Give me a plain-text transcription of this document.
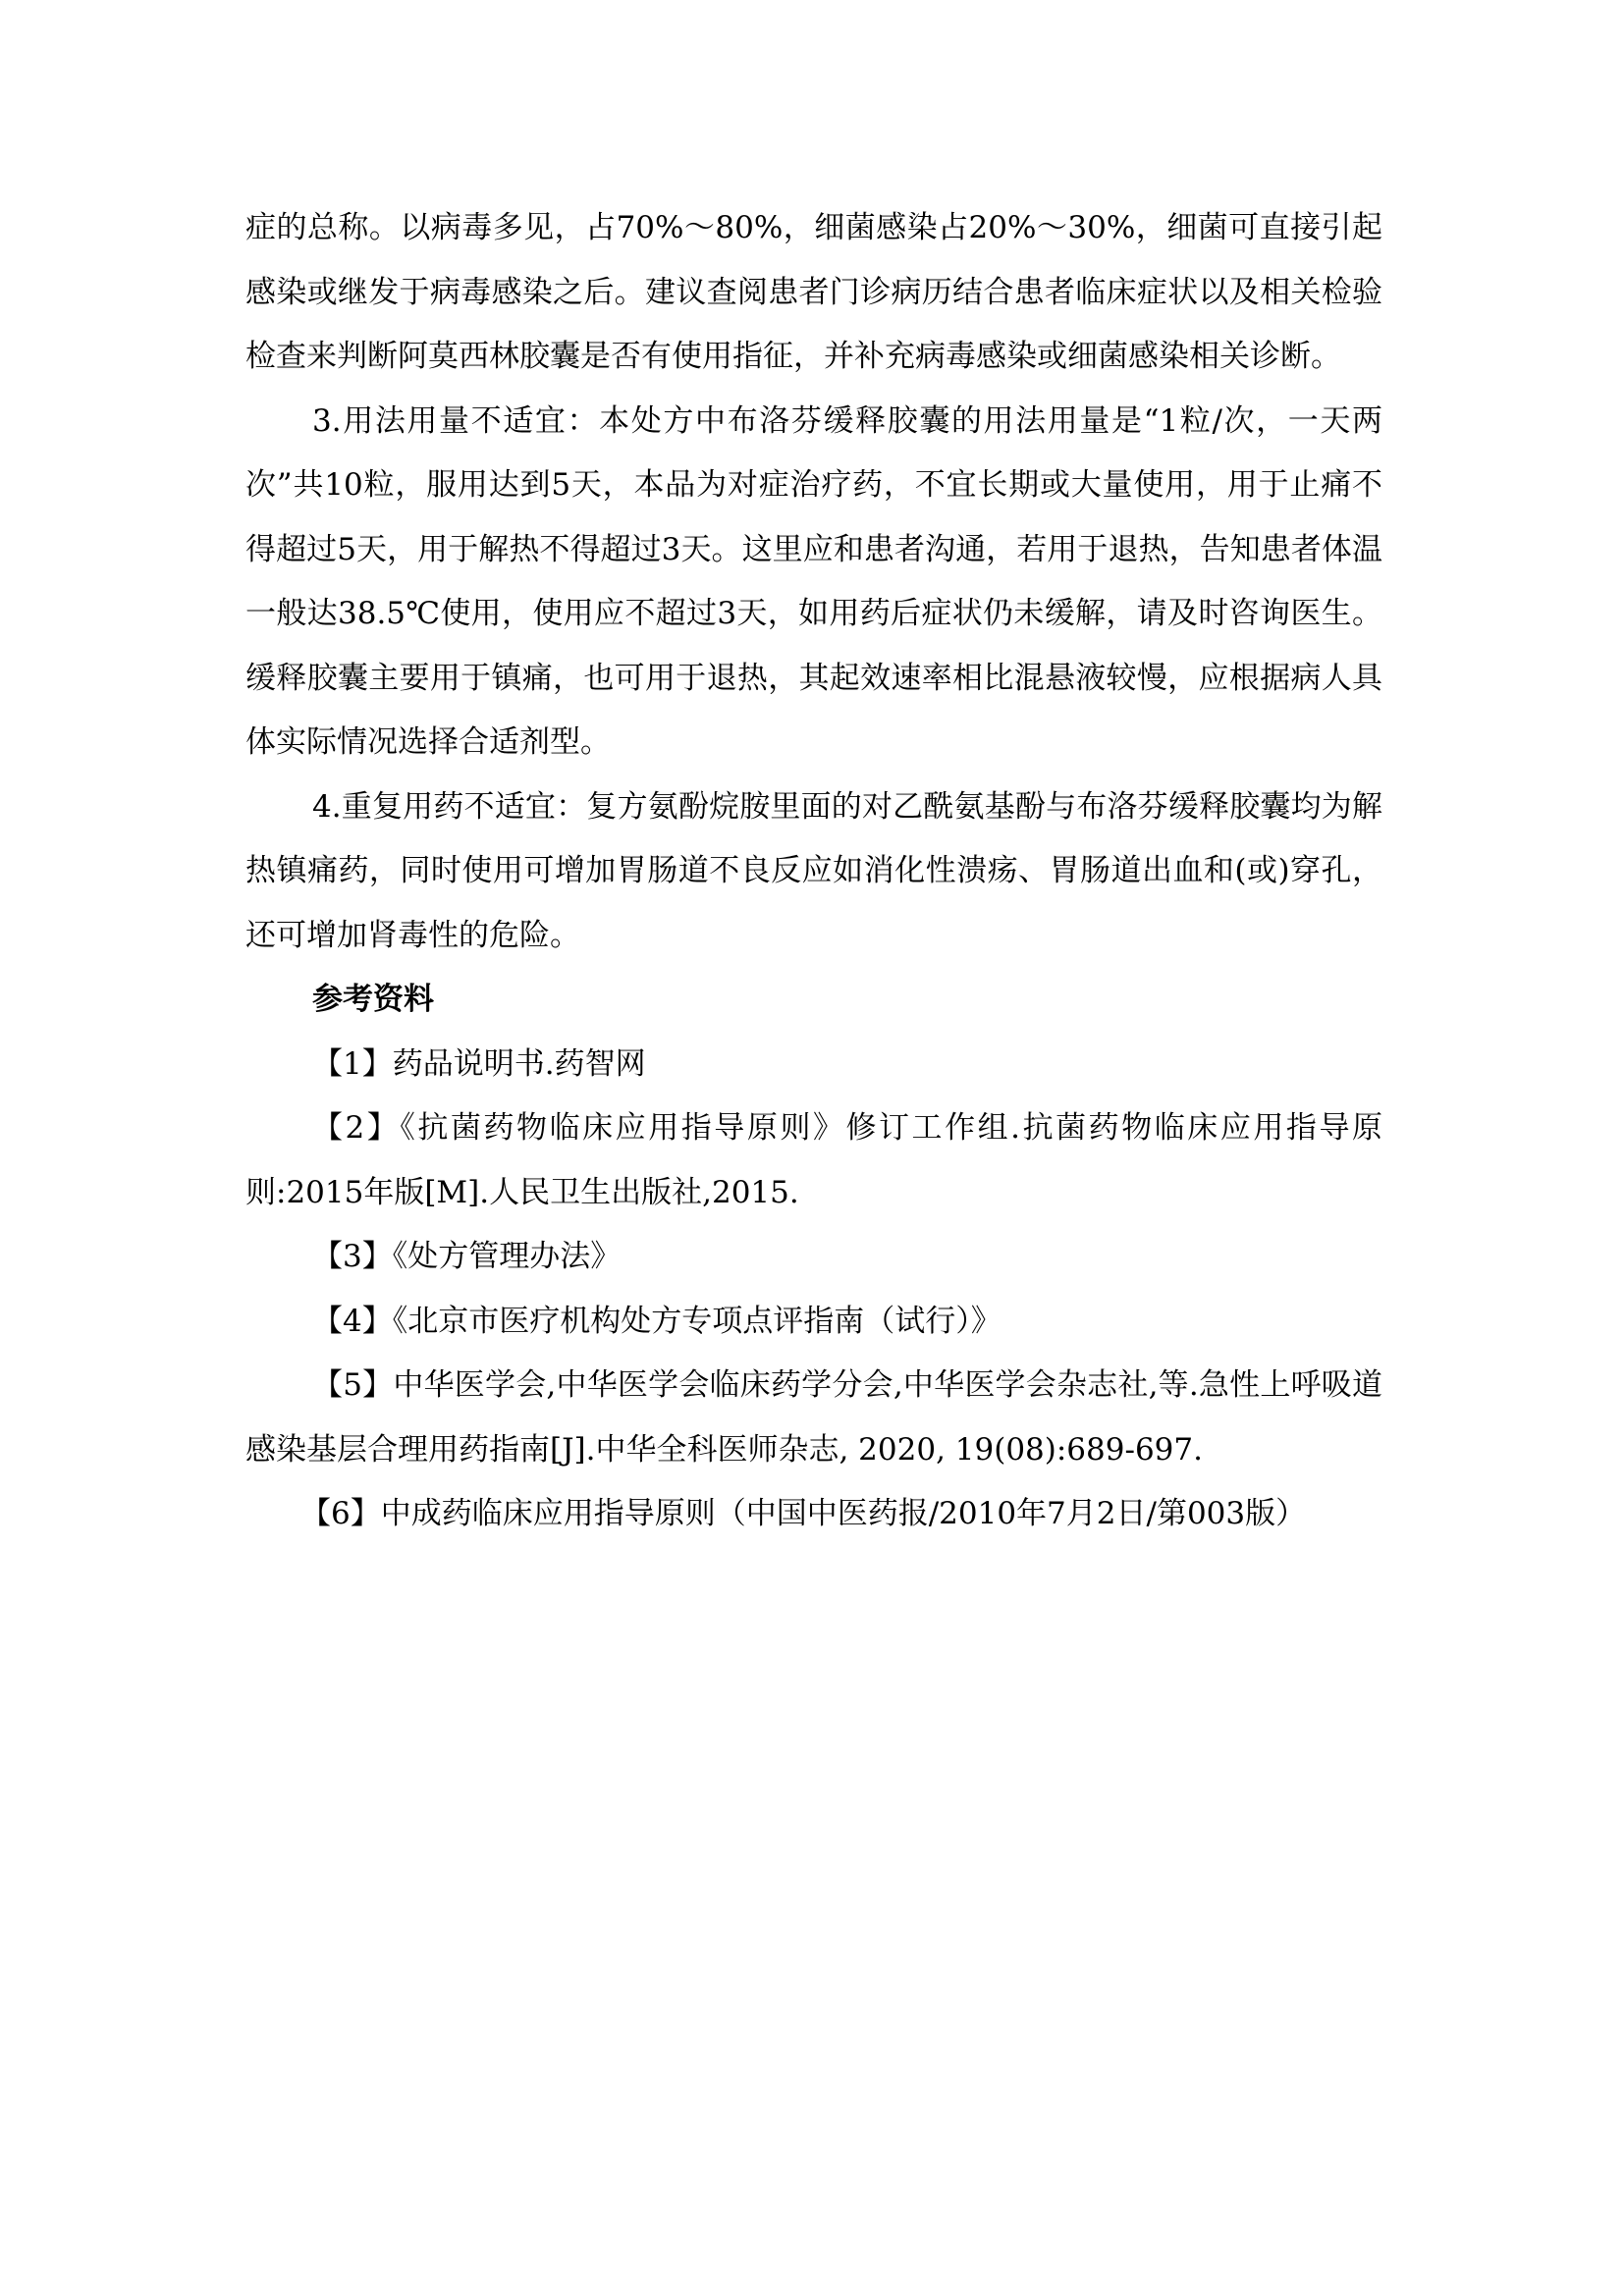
症的总称。以病毒多见，占70%～80%，细菌感染占20%～30%，细菌可直接引起感染或继发于病毒感染之后。建议查阅患者门诊病历结合患者临床症状以及相关检验检查来判断阿莫西林胶囊是否有使用指征，并补充病毒感染或细菌感染相关诊断。

3.用法用量不适宜：本处方中布洛芬缓释胶囊的用法用量是“1粒/次，一天两次”共10粒，服用达到5天，本品为对症治疗药，不宜长期或大量使用，用于止痛不得超过5天，用于解热不得超过3天。这里应和患者沟通，若用于退热，告知患者体温一般达38.5℃使用，使用应不超过3天，如用药后症状仍未缓解，请及时咨询医生。缓释胶囊主要用于镇痛，也可用于退热，其起效速率相比混悬液较慢，应根据病人具体实际情况选择合适剂型。

4.重复用药不适宜：复方氨酚烷胺里面的对乙酰氨基酚与布洛芬缓释胶囊均为解热镇痛药，同时使用可增加胃肠道不良反应如消化性溃疡、胃肠道出血和(或)穿孔，还可增加肾毒性的危险。

参考资料

【1】药品说明书.药智网

【2】《抗菌药物临床应用指导原则》修订工作组.抗菌药物临床应用指导原则:2015年版[M].人民卫生出版社,2015.

【3】《处方管理办法》

【4】《北京市医疗机构处方专项点评指南（试行）》

【5】中华医学会,中华医学会临床药学分会,中华医学会杂志社,等.急性上呼吸道感染基层合理用药指南[J].中华全科医师杂志, 2020, 19(08):689-697.

【6】中成药临床应用指导原则（中国中医药报/2010年7月2日/第003版）
